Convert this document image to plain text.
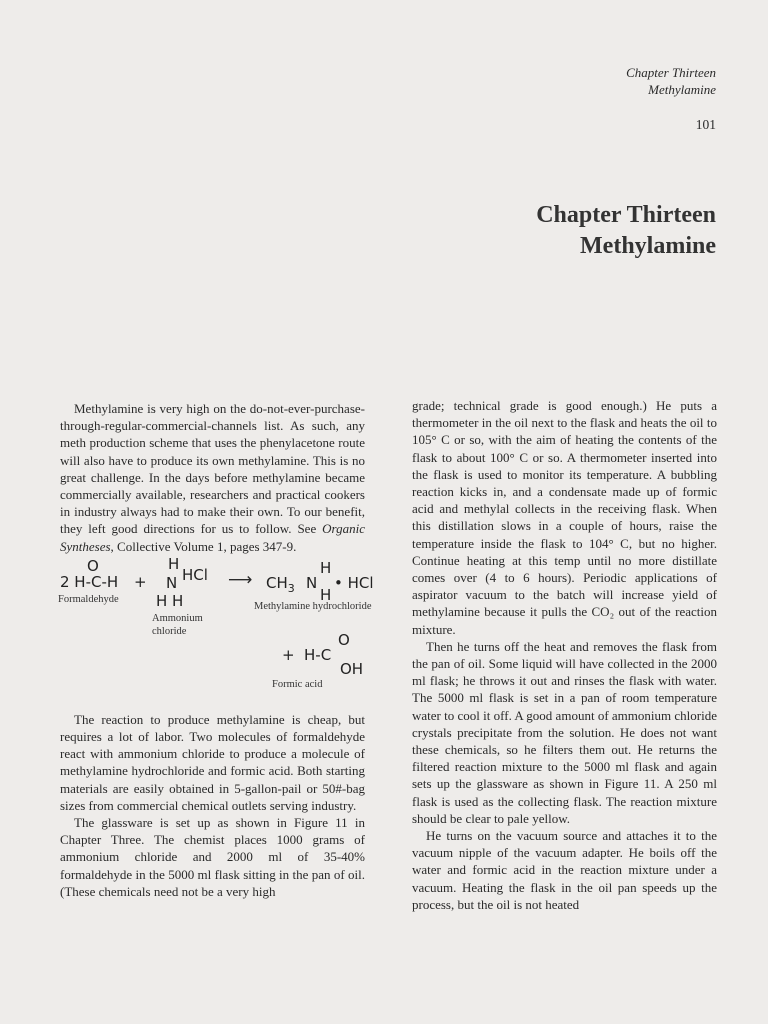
Chapter Thirteen
Methylamine
101
Chapter Thirteen
Methylamine

Methylamine is very high on the do-not-ever-purchase-through-regular-commercial-channels list. As such, any meth production scheme that uses the phenylacetone route will also have to produce its own methylamine. This is no great challenge. In the days before methylamine became commercially available, researchers and practical cookers in industry always had to make their own. To our benefit, they left good directions for us to follow. See Organic Syntheses, Collective Volume 1, pages 347-9.

O
2 H-C-H +
H
N HCl
H H
⟶ $CH_3$ N
H
H
• HCl
Formaldehyde
Ammonium
chloride
Methylamine hydrochloride
+ H-C
O
OH
Formic acid

The reaction to produce methylamine is cheap, but requires a lot of labor. Two molecules of formaldehyde react with ammonium chloride to produce a molecule of methylamine hydrochloride and formic acid. Both starting materials are easily obtained in 5-gallon-pail or 50#-bag sizes from commercial chemical outlets serving industry.

The glassware is set up as shown in Figure 11 in Chapter Three. The chemist places 1000 grams of ammonium chloride and 2000 ml of 35-40% formaldehyde in the 5000 ml flask sitting in the pan of oil. (These chemicals need not be a very high

grade; technical grade is good enough.) He puts a thermometer in the oil next to the flask and heats the oil to 105° C or so, with the aim of heating the contents of the flask to about 100° C or so. A thermometer inserted into the flask is used to monitor its temperature. A bubbling reaction kicks in, and a condensate made up of formic acid and methylal collects in the receiving flask. When this distillation slows in a couple of hours, raise the temperature inside the flask to 104° C, but no higher. Continue heating at this temp until no more distillate comes over (4 to 6 hours). Periodic applications of aspirator vacuum to the batch will increase yield of methylamine because it pulls the CO₂ out of the reaction mixture.

Then he turns off the heat and removes the flask from the pan of oil. Some liquid will have collected in the 2000 ml flask; he throws it out and rinses the flask with water. The 5000 ml flask is set in a pan of room temperature water to cool it off. A good amount of ammonium chloride crystals precipitate from the solution. He does not want these chemicals, so he filters them out. He returns the filtered reaction mixture to the 5000 ml flask and again sets up the glassware as shown in Figure 11. A 250 ml flask is used as the collecting flask. The reaction mixture should be clear to pale yellow.

He turns on the vacuum source and attaches it to the vacuum nipple of the vacuum adapter. He boils off the water and formic acid in the reaction mixture under a vacuum. Heating the flask in the oil pan speeds up the process, but the oil is not heated
